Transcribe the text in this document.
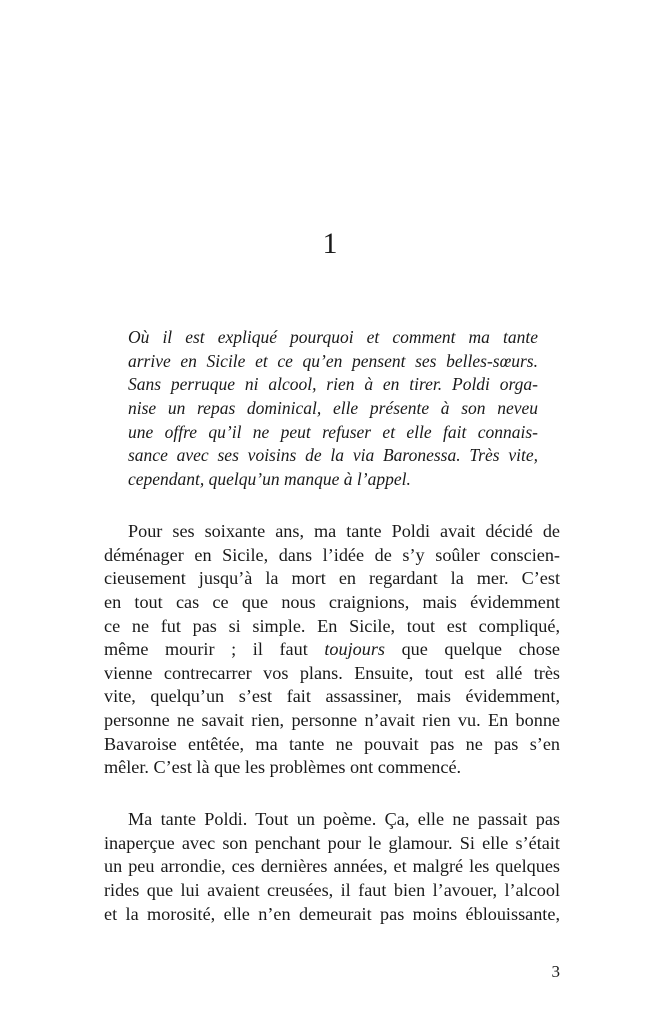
1
Où il est expliqué pourquoi et comment ma tante
arrive en Sicile et ce qu’en pensent ses belles-sœurs.
Sans perruque ni alcool, rien à en tirer. Poldi orga-
nise un repas dominical, elle présente à son neveu
une offre qu’il ne peut refuser et elle fait connais-
sance avec ses voisins de la via Baronessa. Très vite,
cependant, quelqu’un manque à l’appel.
Pour ses soixante ans, ma tante Poldi avait décidé de
déménager en Sicile, dans l’idée de s’y soûler conscien-
cieusement jusqu’à la mort en regardant la mer. C’est
en tout cas ce que nous craignions, mais évidemment
ce ne fut pas si simple. En Sicile, tout est compliqué,
même mourir ; il faut toujours que quelque chose
vienne contrecarrer vos plans. Ensuite, tout est allé très
vite, quelqu’un s’est fait assassiner, mais évidemment,
personne ne savait rien, personne n’avait rien vu. En bonne
Bavaroise entêtée, ma tante ne pouvait pas ne pas s’en
mêler. C’est là que les problèmes ont commencé.
Ma tante Poldi. Tout un poème. Ça, elle ne passait pas
inaperçue avec son penchant pour le glamour. Si elle s’était
un peu arrondie, ces dernières années, et malgré les quelques
rides que lui avaient creusées, il faut bien l’avouer, l’alcool
et la morosité, elle n’en demeurait pas moins éblouissante,
3
